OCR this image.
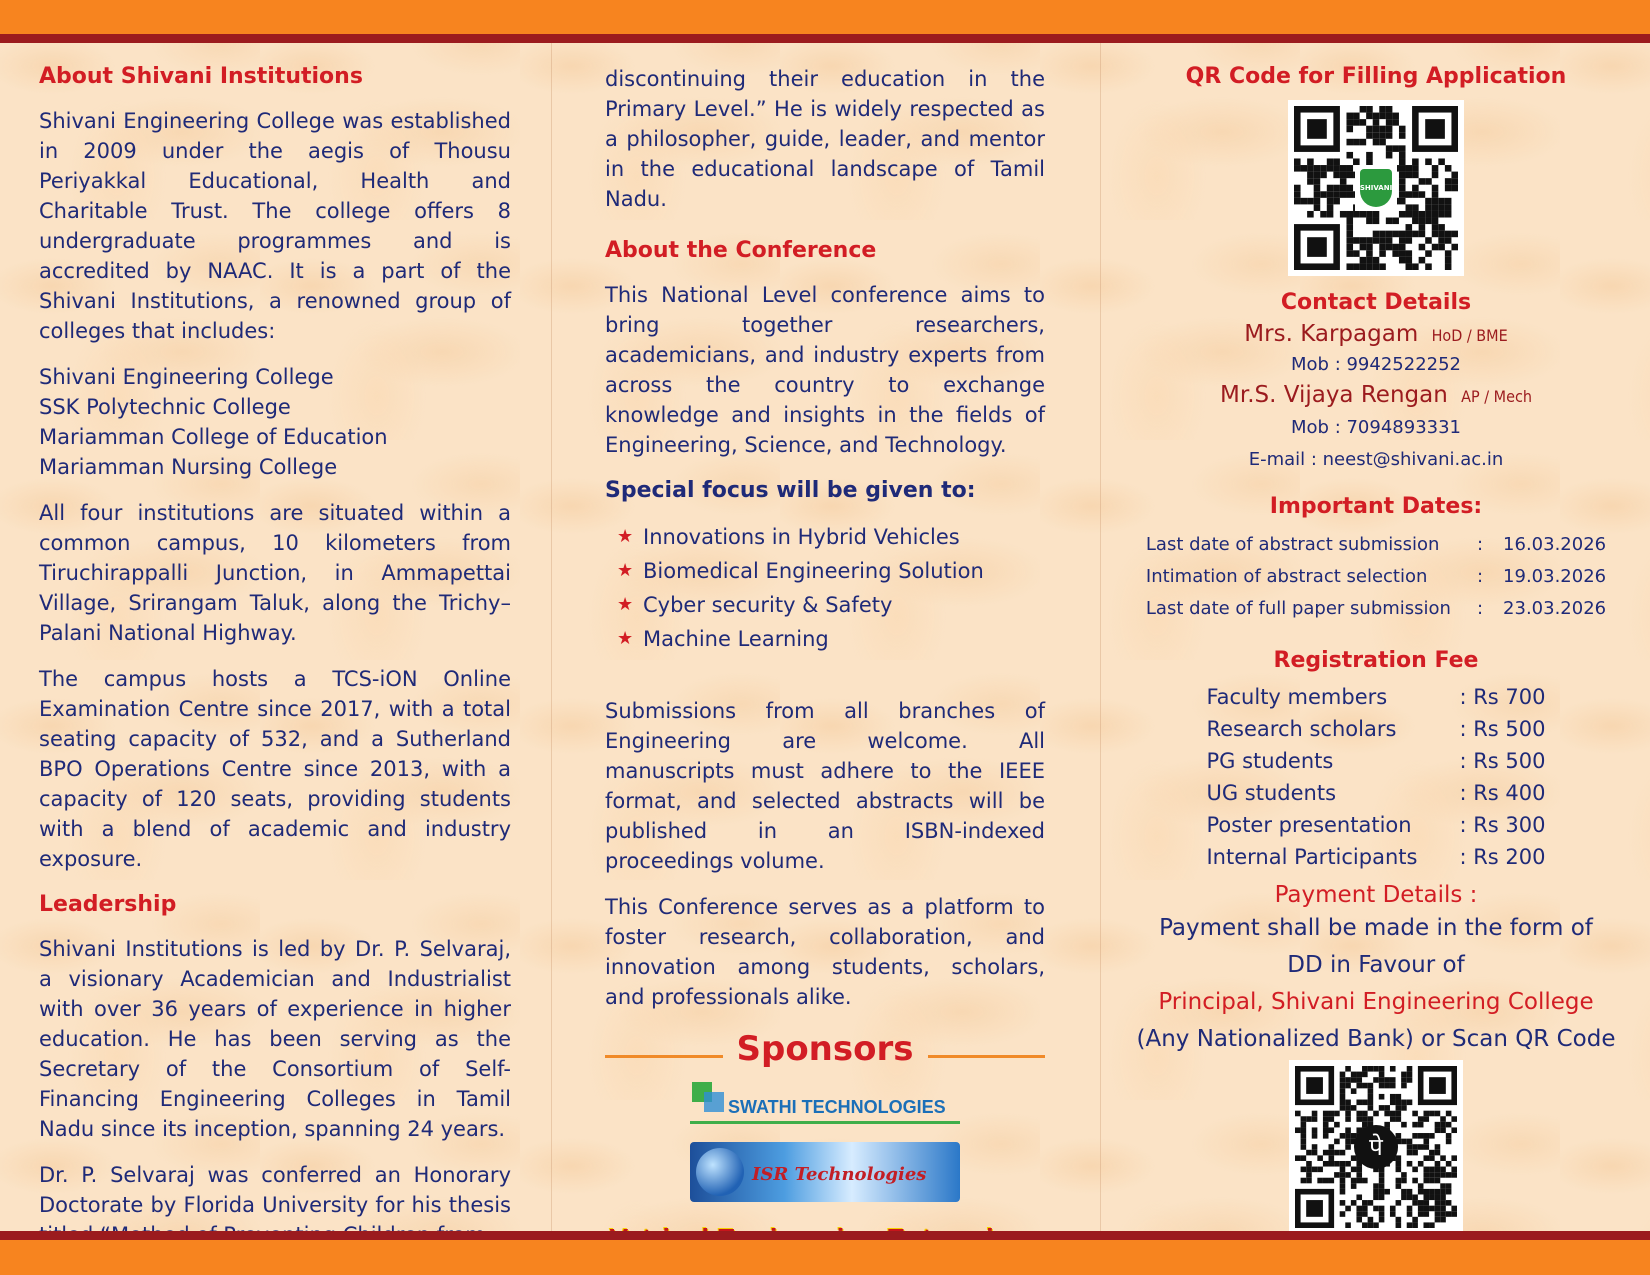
About Shivani Institutions

Shivani Engineering College was established in 2009 under the aegis of Thousu Periyakkal Educational, Health and Charitable Trust. The college offers 8 undergraduate programmes and is accredited by NAAC. It is a part of the Shivani Institutions, a renowned group of colleges that includes:

Shivani Engineering College
SSK Polytechnic College
Mariamman College of Education
Mariamman Nursing College

All four institutions are situated within a common campus, 10 kilometers from Tiruchirappalli Junction, in Ammapettai Village, Srirangam Taluk, along the Trichy–Palani National Highway.

The campus hosts a TCS-iON Online Examination Centre since 2017, with a total seating capacity of 532, and a Sutherland BPO Operations Centre since 2013, with a capacity of 120 seats, providing students with a blend of academic and industry exposure.

Leadership

Shivani Institutions is led by Dr. P. Selvaraj, a visionary Academician and Industrialist with over 36 years of experience in higher education. He has been serving as the Secretary of the Consortium of Self-Financing Engineering Colleges in Tamil Nadu since its inception, spanning 24 years.

Dr. P. Selvaraj was conferred an Honorary Doctorate by Florida University for his thesis

discontinuing their education in the Primary Level.” He is widely respected as a philosopher, guide, leader, and mentor in the educational landscape of Tamil Nadu.

About the Conference

This National Level conference aims to bring together researchers, academicians, and industry experts from across the country to exchange knowledge and insights in the fields of Engineering, Science, and Technology.

Special focus will be given to:
★ Innovations in Hybrid Vehicles
★ Biomedical Engineering Solution
★ Cyber security & Safety
★ Machine Learning

Submissions from all branches of Engineering are welcome. All manuscripts must adhere to the IEEE format, and selected abstracts will be published in an ISBN-indexed proceedings volume.

This Conference serves as a platform to foster research, collaboration, and innovation among students, scholars, and professionals alike.

Sponsors
SWATHI TECHNOLOGIES
ISR Technologies
QR Code for Filling Application
SHIVANI
Contact Details
Mrs. Karpagam HoD / BME
Mob : 9942522252
Mr.S. Vijaya Rengan AP / Mech
Mob : 7094893331
E-mail : neest@shivani.ac.in
Important Dates:
Last date of abstract submission	:	16.03.2026
Intimation of abstract selection	:	19.03.2026
Last date of full paper submission	:	23.03.2026
Registration Fee
Faculty members	: Rs 700
Research scholars	: Rs 500
PG students	: Rs 500
UG students	: Rs 400
Poster presentation	: Rs 300
Internal Participants	: Rs 200
Payment Details :
Payment shall be made in the form of
DD in Favour of
Principal, Shivani Engineering College
(Any Nationalized Bank) or Scan QR Code
पे
